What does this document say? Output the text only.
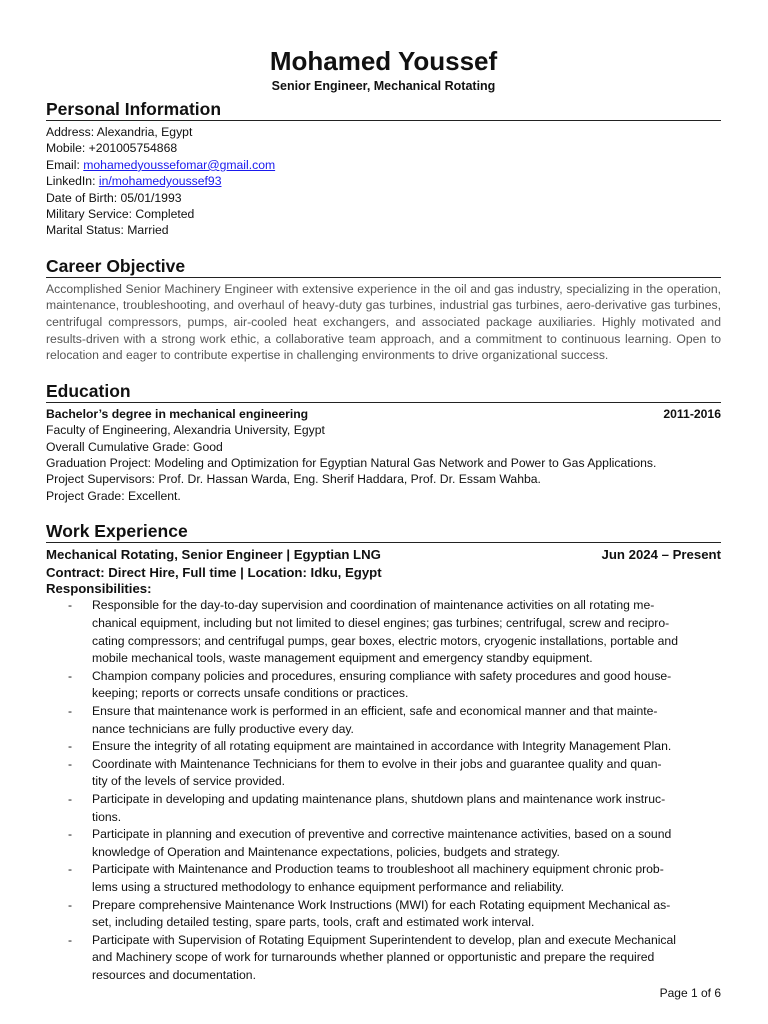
Mohamed Youssef
Senior Engineer, Mechanical Rotating
Personal Information
Address: Alexandria, Egypt
Mobile: +201005754868
Email: mohamedyoussefomar@gmail.com
LinkedIn: in/mohamedyoussef93
Date of Birth: 05/01/1993
Military Service: Completed
Marital Status: Married
Career Objective
Accomplished Senior Machinery Engineer with extensive experience in the oil and gas industry, specializing in the operation, maintenance, troubleshooting, and overhaul of heavy-duty gas turbines, industrial gas turbines, aero-derivative gas turbines, centrifugal compressors, pumps, air-cooled heat exchangers, and associated package auxiliaries. Highly motivated and results-driven with a strong work ethic, a collaborative team approach, and a commitment to continuous learning. Open to relocation and eager to contribute expertise in challenging environments to drive organizational success.
Education
Bachelor’s degree in mechanical engineering	2011-2016
Faculty of Engineering, Alexandria University, Egypt
Overall Cumulative Grade: Good
Graduation Project: Modeling and Optimization for Egyptian Natural Gas Network and Power to Gas Applications.
Project Supervisors: Prof. Dr. Hassan Warda, Eng. Sherif Haddara, Prof. Dr. Essam Wahba.
Project Grade: Excellent.
Work Experience
Mechanical Rotating, Senior Engineer | Egyptian LNG	Jun 2024 – Present
Contract: Direct Hire, Full time | Location: Idku, Egypt
Responsibilities:
- Responsible for the day-to-day supervision and coordination of maintenance activities on all rotating me-
chanical equipment, including but not limited to diesel engines; gas turbines; centrifugal, screw and recipro-
cating compressors; and centrifugal pumps, gear boxes, electric motors, cryogenic installations, portable and
mobile mechanical tools, waste management equipment and emergency standby equipment.
- Champion company policies and procedures, ensuring compliance with safety procedures and good house-
keeping; reports or corrects unsafe conditions or practices.
- Ensure that maintenance work is performed in an efficient, safe and economical manner and that mainte-
nance technicians are fully productive every day.
- Ensure the integrity of all rotating equipment are maintained in accordance with Integrity Management Plan.
- Coordinate with Maintenance Technicians for them to evolve in their jobs and guarantee quality and quan-
tity of the levels of service provided.
- Participate in developing and updating maintenance plans, shutdown plans and maintenance work instruc-
tions.
- Participate in planning and execution of preventive and corrective maintenance activities, based on a sound
knowledge of Operation and Maintenance expectations, policies, budgets and strategy.
- Participate with Maintenance and Production teams to troubleshoot all machinery equipment chronic prob-
lems using a structured methodology to enhance equipment performance and reliability.
- Prepare comprehensive Maintenance Work Instructions (MWI) for each Rotating equipment Mechanical as-
set, including detailed testing, spare parts, tools, craft and estimated work interval.
- Participate with Supervision of Rotating Equipment Superintendent to develop, plan and execute Mechanical
and Machinery scope of work for turnarounds whether planned or opportunistic and prepare the required
resources and documentation.
Page 1 of 6
